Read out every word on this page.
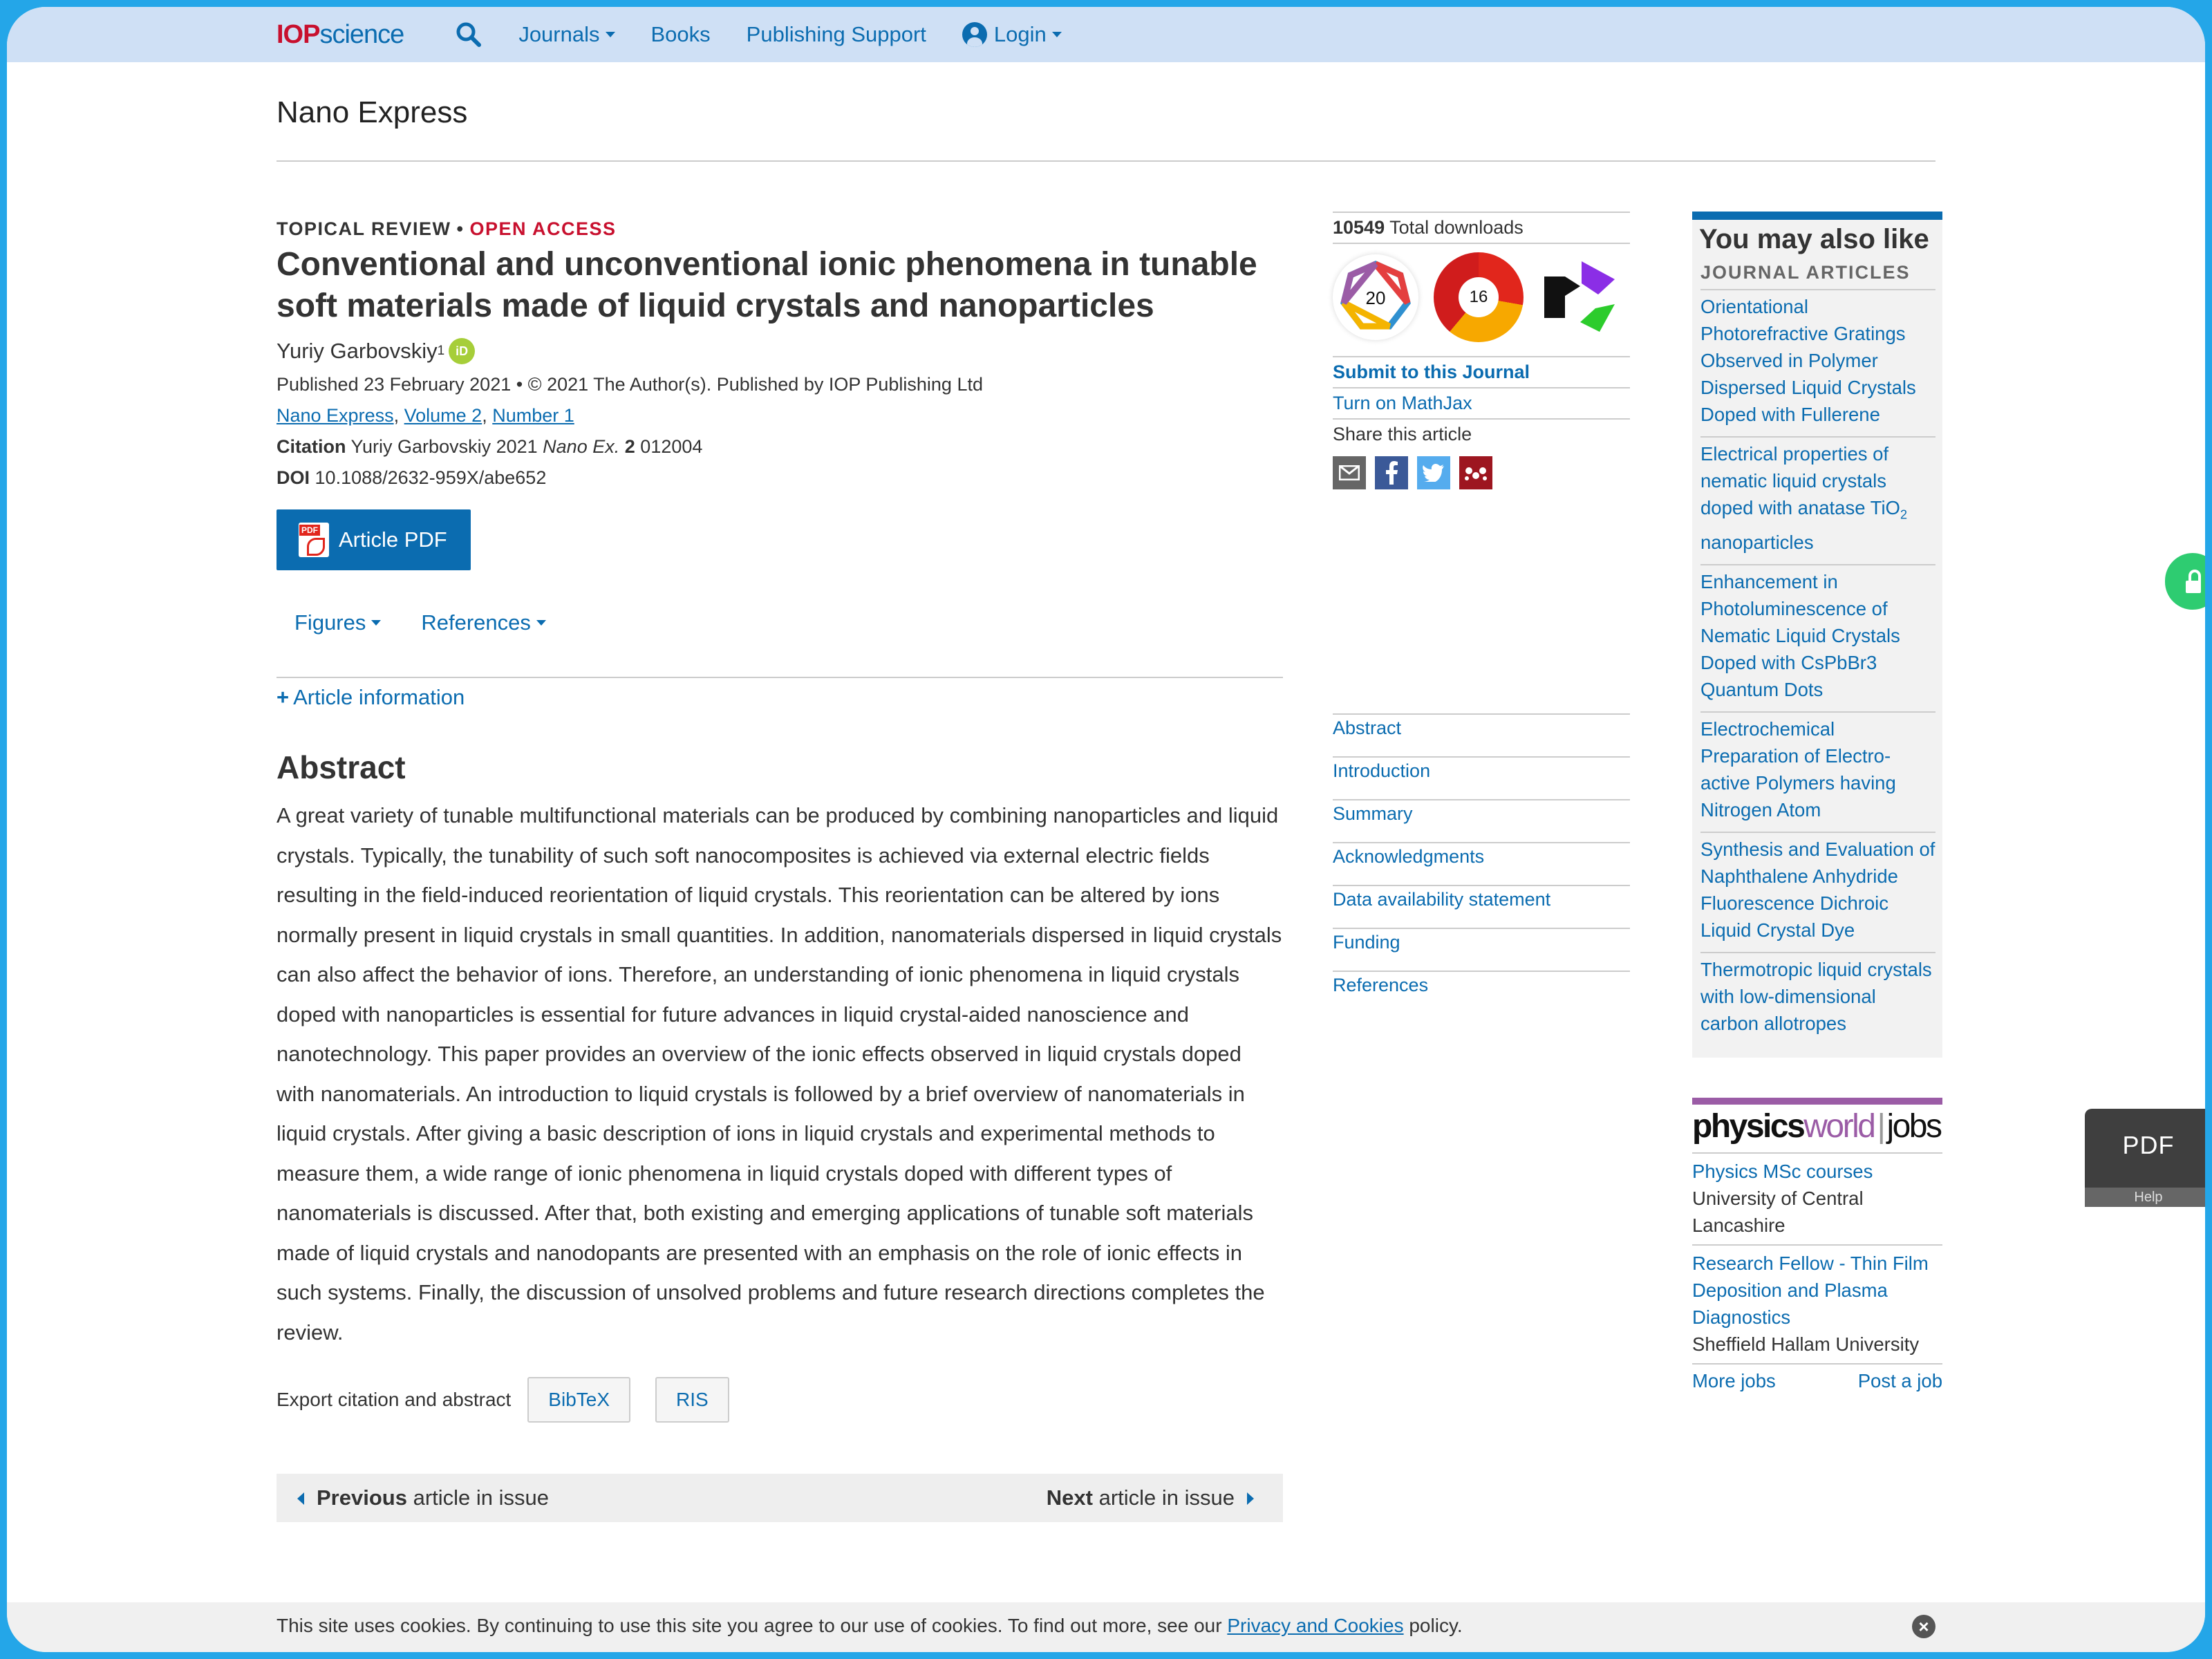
IOPscience	Journals Books Publishing Support	Login
Nano Express
TOPICAL REVIEW • OPEN ACCESS
Conventional and unconventional ionic phenomena in tunable soft materials made of liquid crystals and nanoparticles
Yuriy Garbovskiy 1 iD
Published 23 February 2021 • © 2021 The Author(s). Published by IOP Publishing Ltd
Nano Express, Volume 2, Number 1
Citation Yuriy Garbovskiy 2021 Nano Ex. 2 012004
DOI 10.1088/2632-959X/abe652
PDF
Article PDF
Figures	References
+ Article information
Abstract

A great variety of tunable multifunctional materials can be produced by combining nanoparticles and liquid crystals. Typically, the tunability of such soft nanocomposites is achieved via external electric fields resulting in the field-induced reorientation of liquid crystals. This reorientation can be altered by ions normally present in liquid crystals in small quantities. In addition, nanomaterials dispersed in liquid crystals can also affect the behavior of ions. Therefore, an understanding of ionic phenomena in liquid crystals doped with nanoparticles is essential for future advances in liquid crystal-aided nanoscience and nanotechnology. This paper provides an overview of the ionic effects observed in liquid crystals doped with nanomaterials. An introduction to liquid crystals is followed by a brief overview of nanomaterials in liquid crystals. After giving a basic description of ions in liquid crystals and experimental methods to measure them, a wide range of ionic phenomena in liquid crystals doped with different types of nanomaterials is discussed. After that, both existing and emerging applications of tunable soft materials made of liquid crystals and nanodopants are presented with an emphasis on the role of ionic effects in such systems. Finally, the discussion of unsolved problems and future research directions completes the review.

Export citation and abstract	BibTeX	RIS
Previous article in issue	Next article in issue
10549 Total downloads
20	16
Submit to this Journal
Turn on MathJax
Share this article
Abstract
Introduction
Summary
Acknowledgments
Data availability statement
Funding
References
You may also like
JOURNAL ARTICLES
Orientational Photorefractive Gratings Observed in Polymer Dispersed Liquid Crystals Doped with Fullerene
Electrical properties of nematic liquid crystals doped with anatase TiO$_2$ nanoparticles
Enhancement in Photoluminescence of Nematic Liquid Crystals Doped with CsPbBr3 Quantum Dots
Electrochemical Preparation of Electro-active Polymers having Nitrogen Atom
Synthesis and Evaluation of Naphthalene Anhydride Fluorescence Dichroic Liquid Crystal Dye
Thermotropic liquid crystals with low-dimensional carbon allotropes
physicsworld|jobs
Physics MSc courses
University of Central Lancashire
Research Fellow - Thin Film Deposition and Plasma Diagnostics
Sheffield Hallam University
More jobs	Post a job
PDF
Help
This site uses cookies. By continuing to use this site you agree to our use of cookies. To find out more, see our Privacy and Cookies policy.	×
